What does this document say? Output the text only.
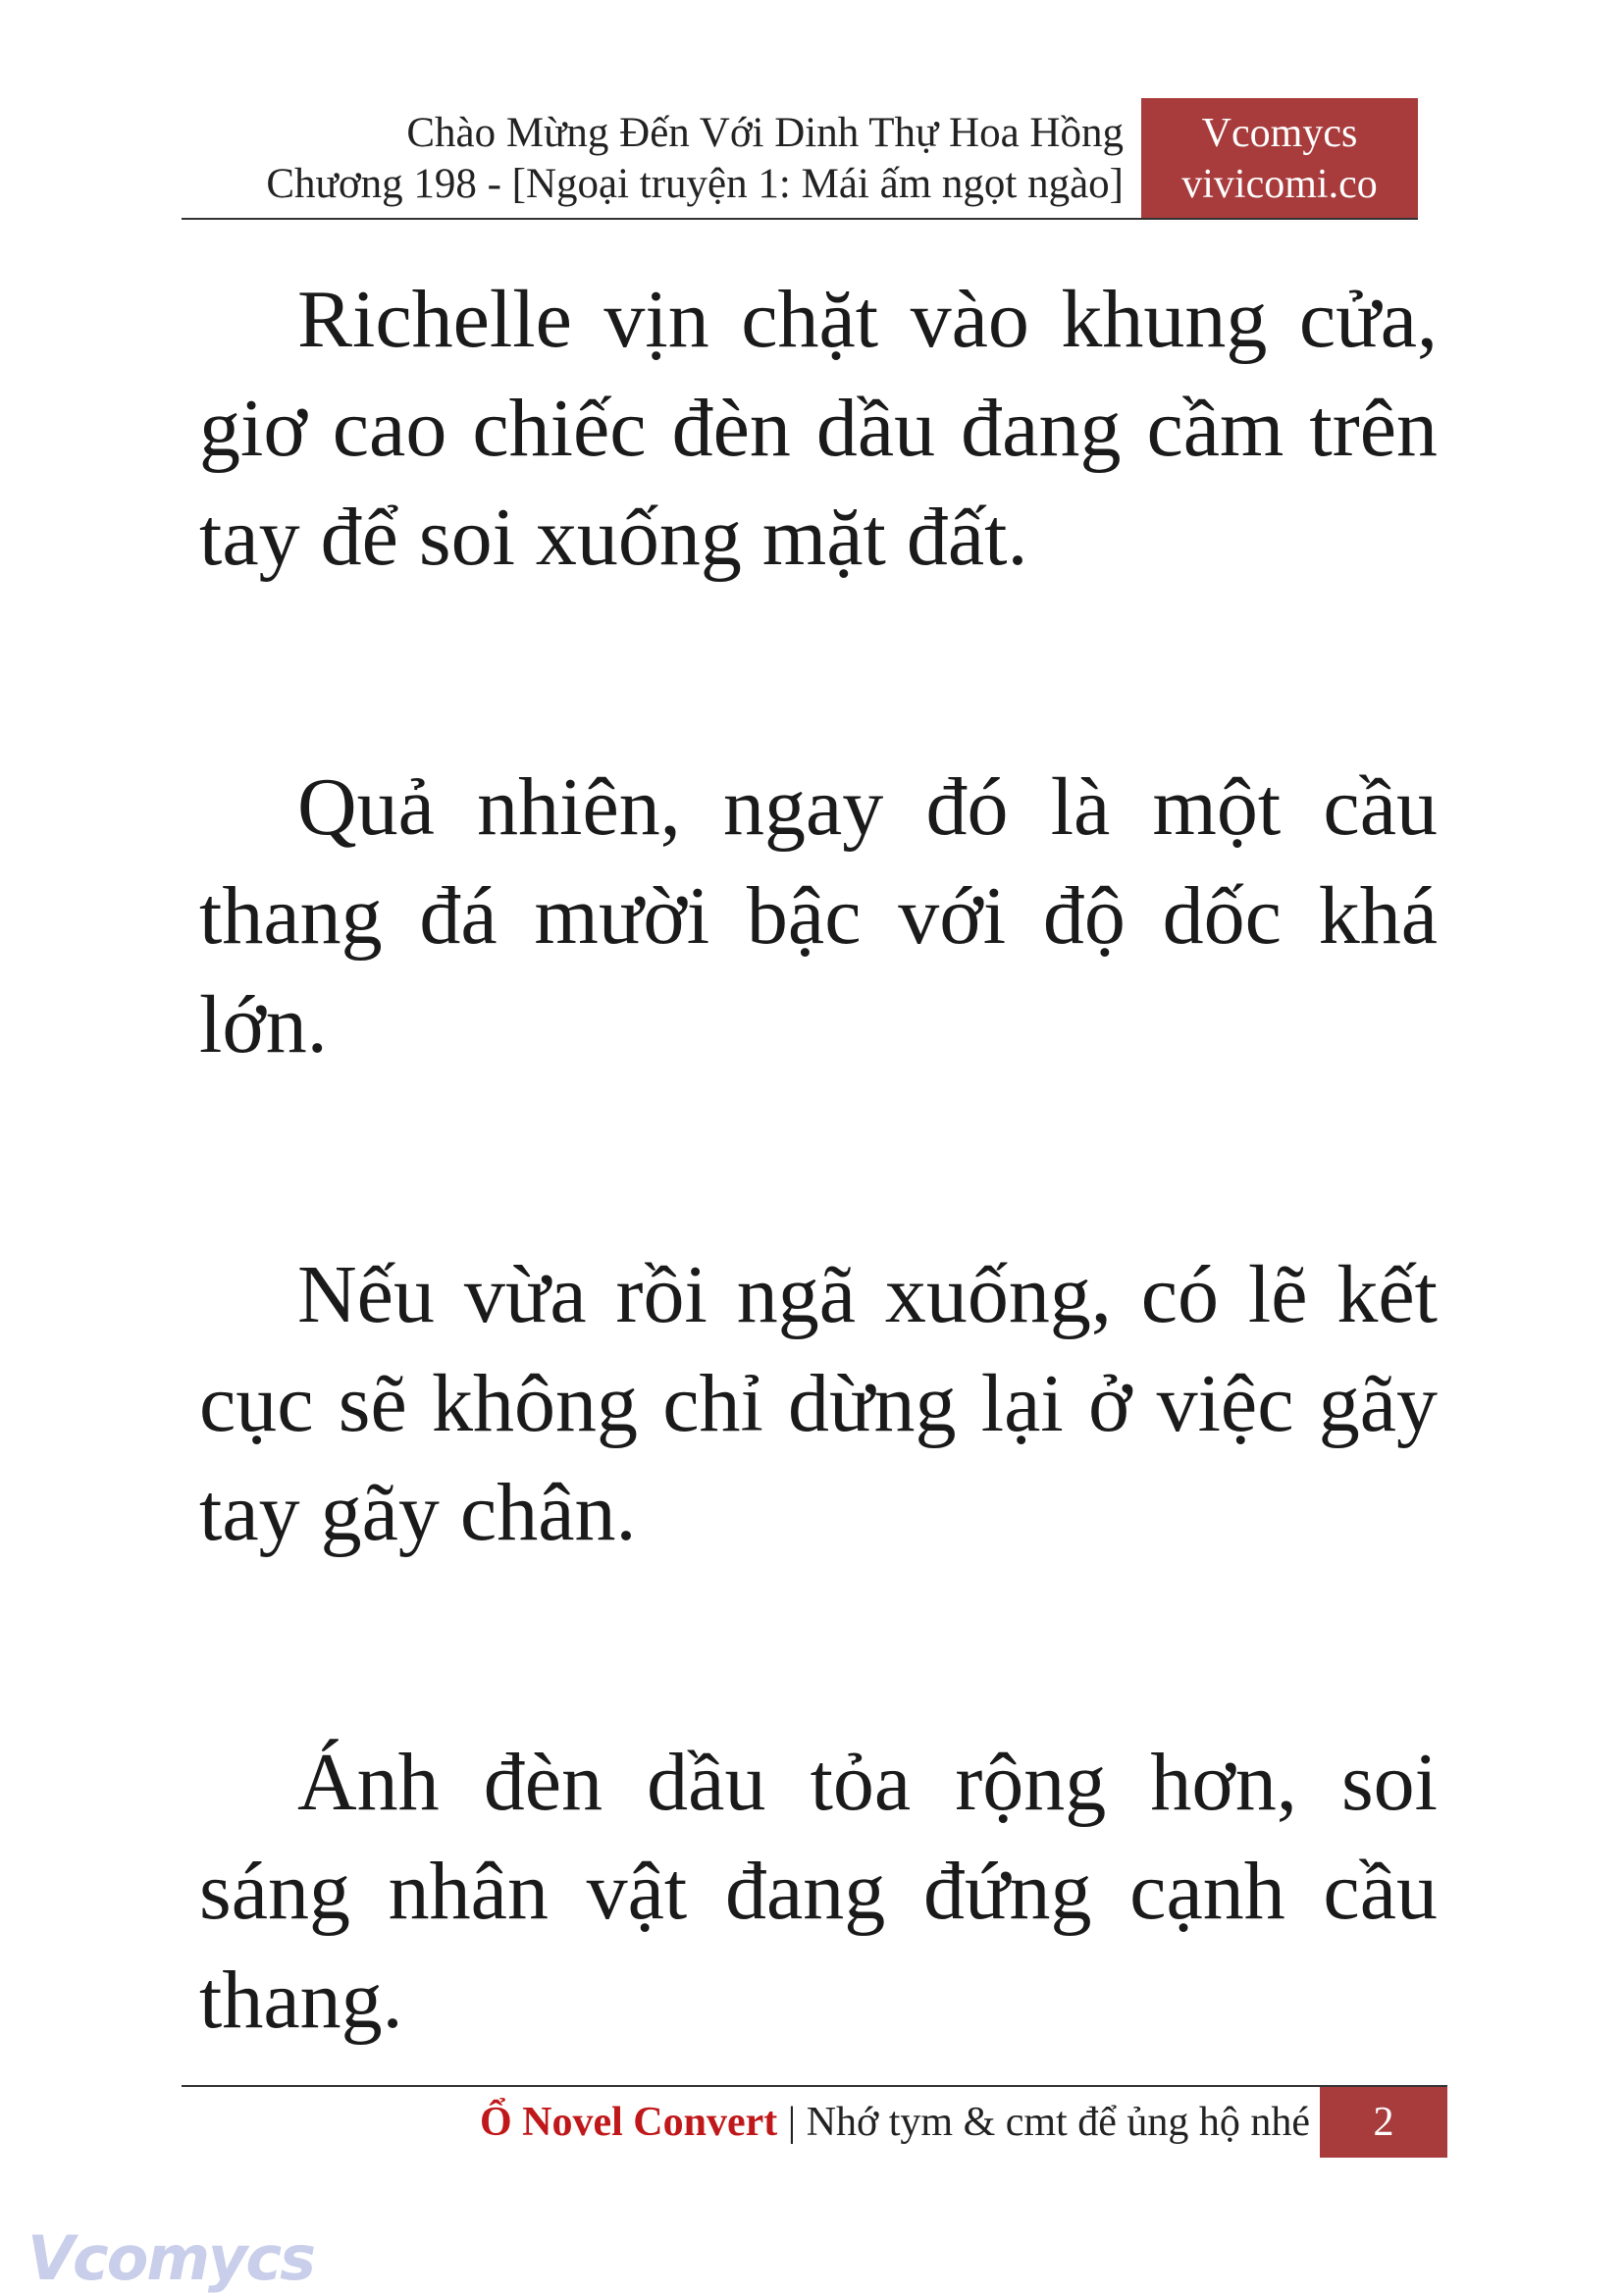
Chào Mừng Đến Với Dinh Thự Hoa Hồng
Chương 198 - [Ngoại truyện 1: Mái ấm ngọt ngào]
Vcomycs
vivicomi.co

Richelle vịn chặt vào khung cửa, giơ cao chiếc đèn dầu đang cầm trên tay để soi xuống mặt đất.

Quả nhiên, ngay đó là một cầu thang đá mười bậc với độ dốc khá lớn.

Nếu vừa rồi ngã xuống, có lẽ kết cục sẽ không chỉ dừng lại ở việc gãy tay gãy chân.

Ánh đèn dầu tỏa rộng hơn, soi sáng nhân vật đang đứng cạnh cầu thang.

Ổ Novel Convert | Nhớ tym & cmt để ủng hộ nhé	2
Vcomycs
